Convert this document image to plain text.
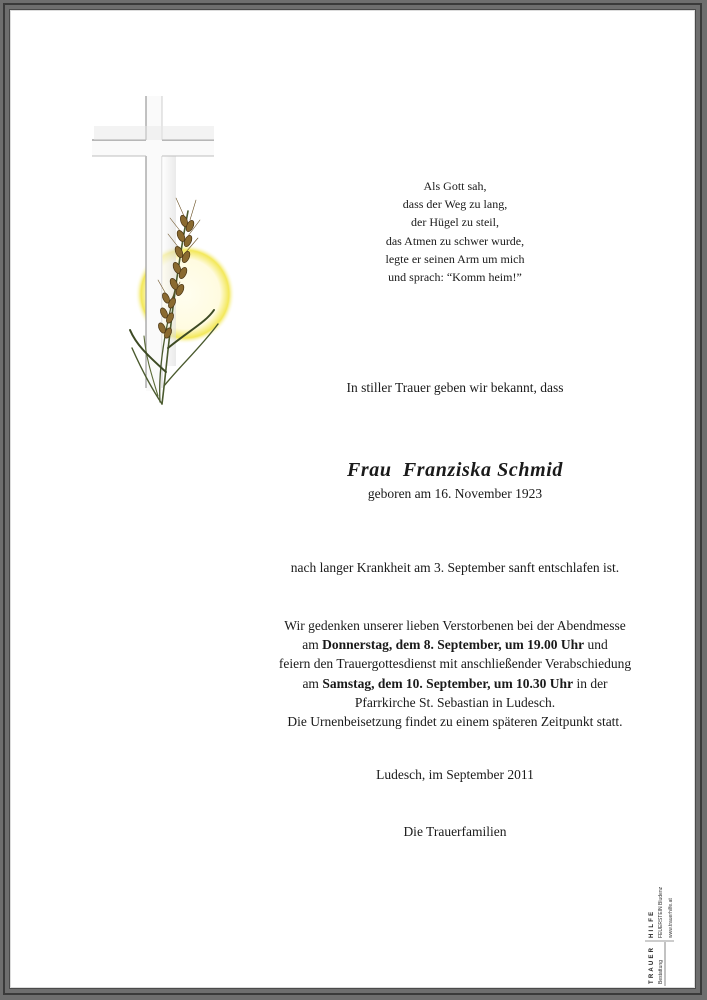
Als Gott sah,
dass der Weg zu lang,
der Hügel zu steil,
das Atmen zu schwer wurde,
legte er seinen Arm um mich
und sprach: “Komm heim!”
In stiller Trauer geben wir bekannt, dass
Frau  Franziska Schmid
geboren am 16. November 1923
nach langer Krankheit am 3. September sanft entschlafen ist.
Wir gedenken unserer lieben Verstorbenen bei der Abendmesse
am Donnerstag, dem 8. September, um 19.00 Uhr und
feiern den Trauergottesdienst mit anschließender Verabschiedung
am Samstag, dem 10. September, um 10.30 Uhr in der
Pfarrkirche St. Sebastian in Ludesch.
Die Urnenbeisetzung findet zu einem späteren Zeitpunkt statt.
Ludesch, im September 2011
Die Trauerfamilien
TRAUER
HILFE
Bestattung
FEUERSTEIN Bludenz www.trauerhilfe.at
